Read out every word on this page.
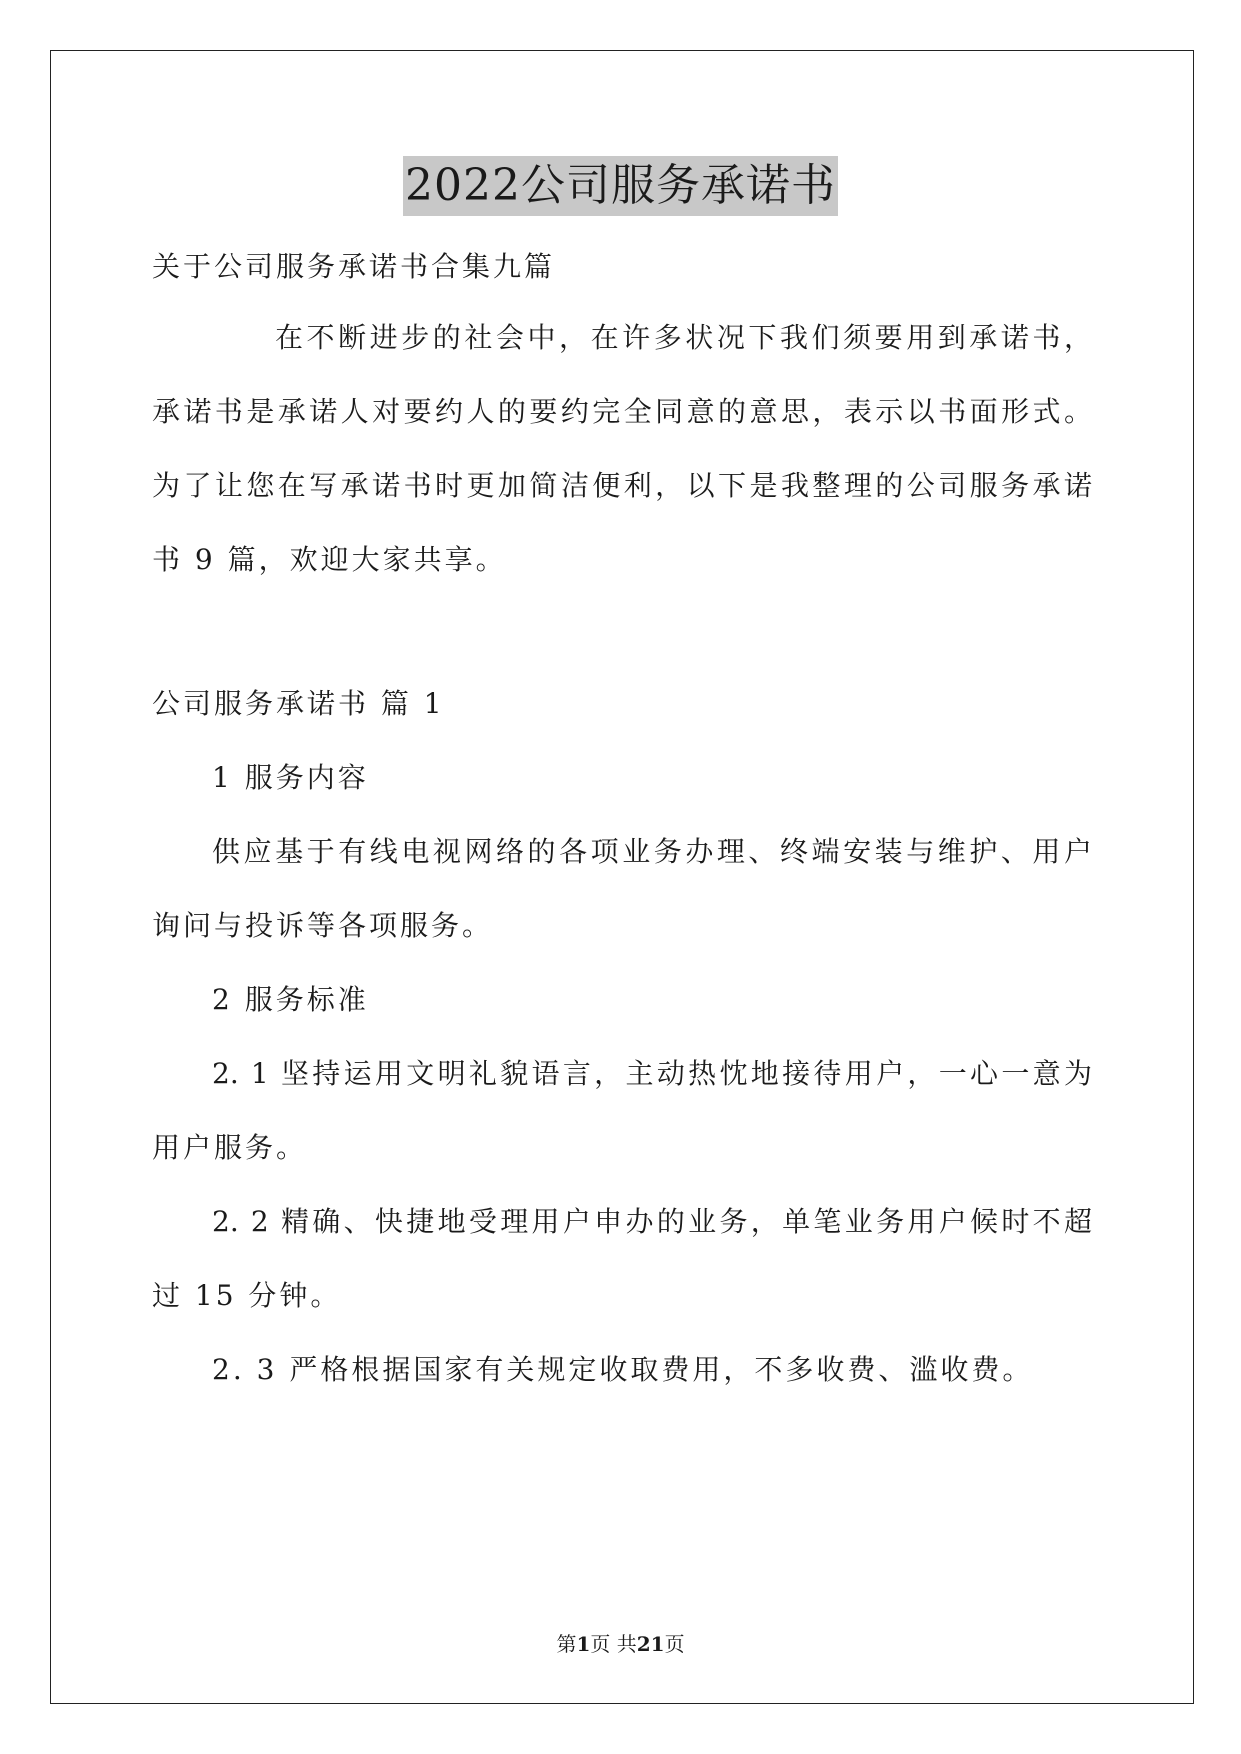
2022公司服务承诺书
关于公司服务承诺书合集九篇
在不断进步的社会中，在许多状况下我们须要用到承诺书，
承诺书是承诺人对要约人的要约完全同意的意思，表示以书面形式。
为了让您在写承诺书时更加简洁便利，以下是我整理的公司服务承诺
书 9 篇，欢迎大家共享。
公司服务承诺书 篇 1
1 服务内容
供应基于有线电视网络的各项业务办理、终端安装与维护、用户
询问与投诉等各项服务。
2 服务标准
2. 1 坚持运用文明礼貌语言，主动热忱地接待用户，一心一意为
用户服务。
2. 2 精确、快捷地受理用户申办的业务，单笔业务用户候时不超
过 15 分钟。
2. 3 严格根据国家有关规定收取费用，不多收费、滥收费。
第1页 共21页
